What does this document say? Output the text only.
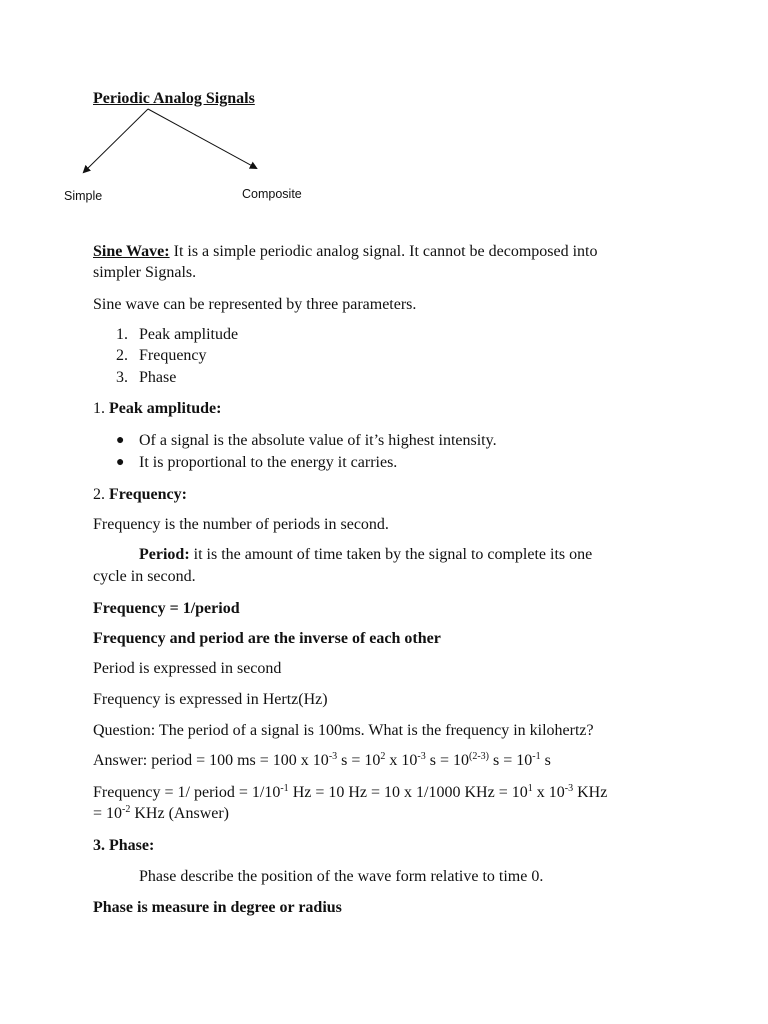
Periodic Analog Signals
Simple	Composite
Sine Wave: It is a simple periodic analog signal. It cannot be decomposed into
simpler Signals.
Sine wave can be represented by three parameters.
1. Peak amplitude
2. Frequency
3. Phase
1. Peak amplitude:
● Of a signal is the absolute value of it’s highest intensity.
● It is proportional to the energy it carries.
2. Frequency:
Frequency is the number of periods in second.
Period: it is the amount of time taken by the signal to complete its one
cycle in second.
Frequency = 1/period
Frequency and period are the inverse of each other
Period is expressed in second
Frequency is expressed in Hertz(Hz)
Question: The period of a signal is 100ms. What is the frequency in kilohertz?
Answer: period = 100 ms = 100 x $10^{-3}$ $s = 10^2$ x $10^{-3}$ $s = 10^{(2-3)}$ $s = 10^{-1}$ s
Frequency = 1/ period = $1/10^{-1}$ Hz = 10 Hz = 10 x 1/1000 KHz = $10^1$ x $10^{-3}$ KHz
= $10^{-2}$ KHz (Answer)
3. Phase:
Phase describe the position of the wave form relative to time 0.
Phase is measure in degree or radius
